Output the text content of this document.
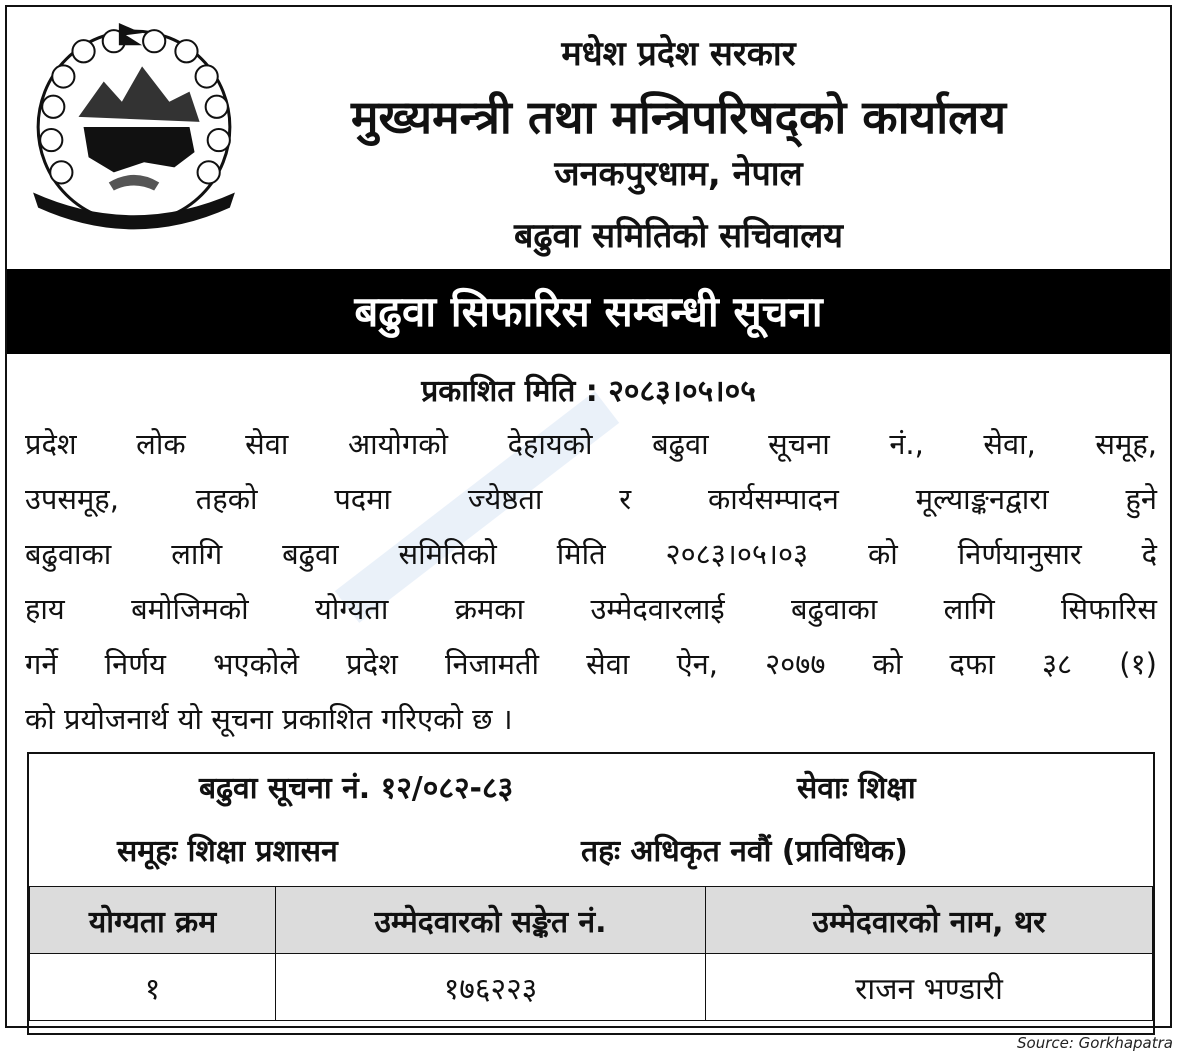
मधेश प्रदेश सरकार
मुख्यमन्त्री तथा मन्त्रिपरिषद्को कार्यालय
जनकपुरधाम, नेपाल
बढुवा समितिको सचिवालय
बढुवा सिफारिस सम्बन्धी सूचना
प्रकाशित मिति : २०८३।०५।०५
प्रदेश लोक सेवा आयोगको देहायको बढुवा सूचना नं., सेवा, समूह,
उपसमूह, तहको पदमा ज्येष्ठता र कार्यसम्पादन मूल्याङ्कनद्वारा हुने
बढुवाका लागि बढुवा समितिको मिति २०८३।०५।०३ को निर्णयानुसार दे
हाय बमोजिमको योग्यता क्रमका उम्मेदवारलाई बढुवाका लागि सिफारिस
गर्ने निर्णय भएकोले प्रदेश निजामती सेवा ऐन, २०७७ को दफा ३८ (१)
को प्रयोजनार्थ यो सूचना प्रकाशित गरिएको छ ।
बढुवा सूचना नं. १२/०८२-८३	सेवाः शिक्षा
समूहः शिक्षा प्रशासन	तहः अधिकृत नवौं (प्राविधिक)
योग्यता क्रम	उम्मेदवारको सङ्केत नं.	उम्मेदवारको नाम, थर
१	१७६२२३	राजन भण्डारी
Source: Gorkhapatra
